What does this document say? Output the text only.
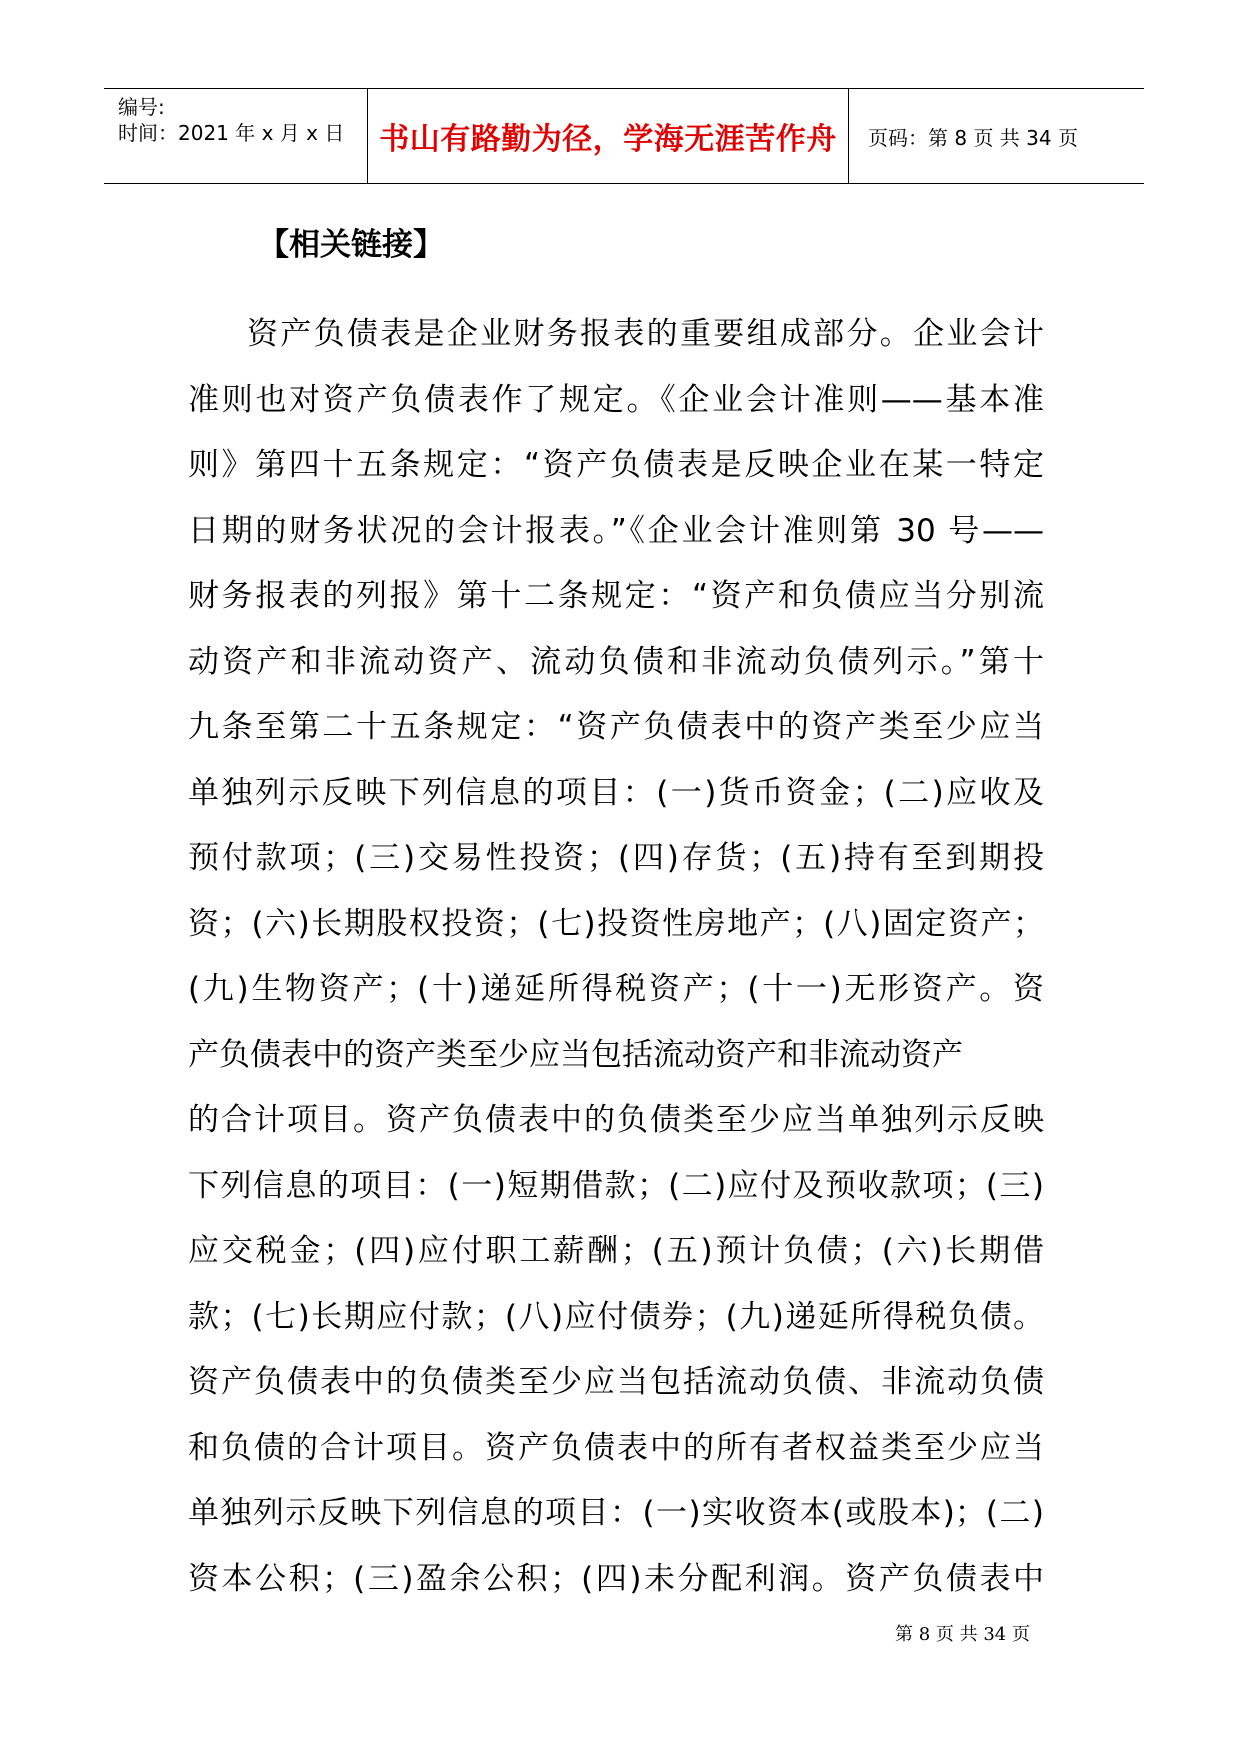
编号:
时间：2021 年 x 月 x 日	书山有路勤为径，学海无涯苦作舟	页码：第 8 页 共 34 页
【相关链接】
资产负债表是企业财务报表的重要组成部分。企业会计
准则也对资产负债表作了规定。《企业会计准则——基本准
则》第四十五条规定：“资产负债表是反映企业在某一特定
日期的财务状况的会计报表。”《企业会计准则第 30 号——
财务报表的列报》第十二条规定：“资产和负债应当分别流
动资产和非流动资产、流动负债和非流动负债列示。”第十
九条至第二十五条规定：“资产负债表中的资产类至少应当
单独列示反映下列信息的项目：(一)货币资金；(二)应收及
预付款项；(三)交易性投资；(四)存货；(五)持有至到期投
资；(六)长期股权投资；(七)投资性房地产；(八)固定资产；
(九)生物资产；(十)递延所得税资产；(十一)无形资产。资
产负债表中的资产类至少应当包括流动资产和非流动资产
的合计项目。资产负债表中的负债类至少应当单独列示反映
下列信息的项目：(一)短期借款；(二)应付及预收款项；(三)
应交税金；(四)应付职工薪酬；(五)预计负债；(六)长期借
款；(七)长期应付款；(八)应付债券；(九)递延所得税负债。
资产负债表中的负债类至少应当包括流动负债、非流动负债
和负债的合计项目。资产负债表中的所有者权益类至少应当
单独列示反映下列信息的项目：(一)实收资本(或股本)；(二)
资本公积；(三)盈余公积；(四)未分配利润。资产负债表中
第 8 页 共 34 页
